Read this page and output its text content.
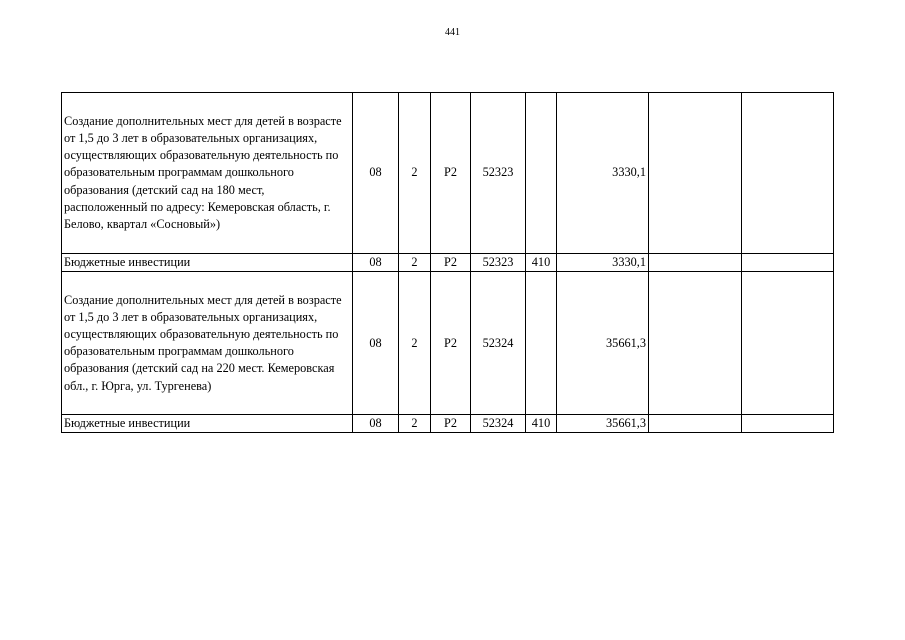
441
Создание дополнительных мест для детей в возрасте от 1,5 до 3 лет в образовательных организациях, осуществляющих образовательную деятельность по образовательным программам дошкольного образования (детский сад на 180 мест, расположенный по адресу: Кемеровская область, г. Белово, квартал «Сосновый»)	08	2	P2	52323		3330,1		
Бюджетные инвестиции	08	2	P2	52323	410	3330,1		
Создание дополнительных мест для детей в возрасте от 1,5 до 3 лет в образовательных организациях, осуществляющих образовательную деятельность по образовательным программам дошкольного образования (детский сад на 220 мест. Кемеровская обл., г. Юрга, ул. Тургенева)	08	2	P2	52324		35661,3		
Бюджетные инвестиции	08	2	P2	52324	410	35661,3		
